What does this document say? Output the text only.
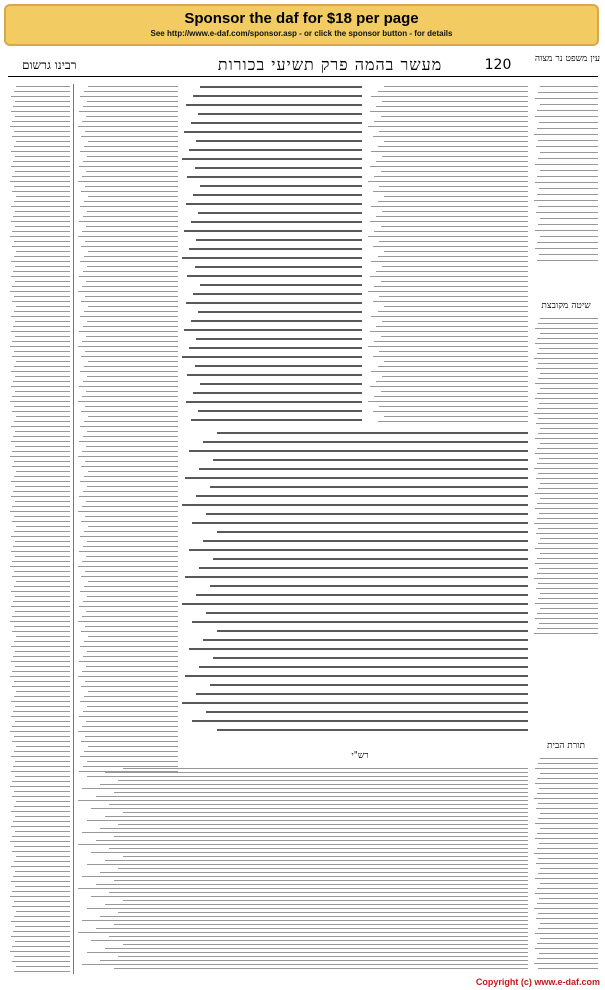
Sponsor the daf for $18 per page
See http://www.e-daf.com/sponsor.asp - or click the sponsor button - for details
רבינו גרשום	מעשר בהמה פרק תשיעי בכורות	120	עין משפט נר מצוה
שיטה מקובצת
תורת הבית
רש"י
Copyright (c) www.e-daf.com
